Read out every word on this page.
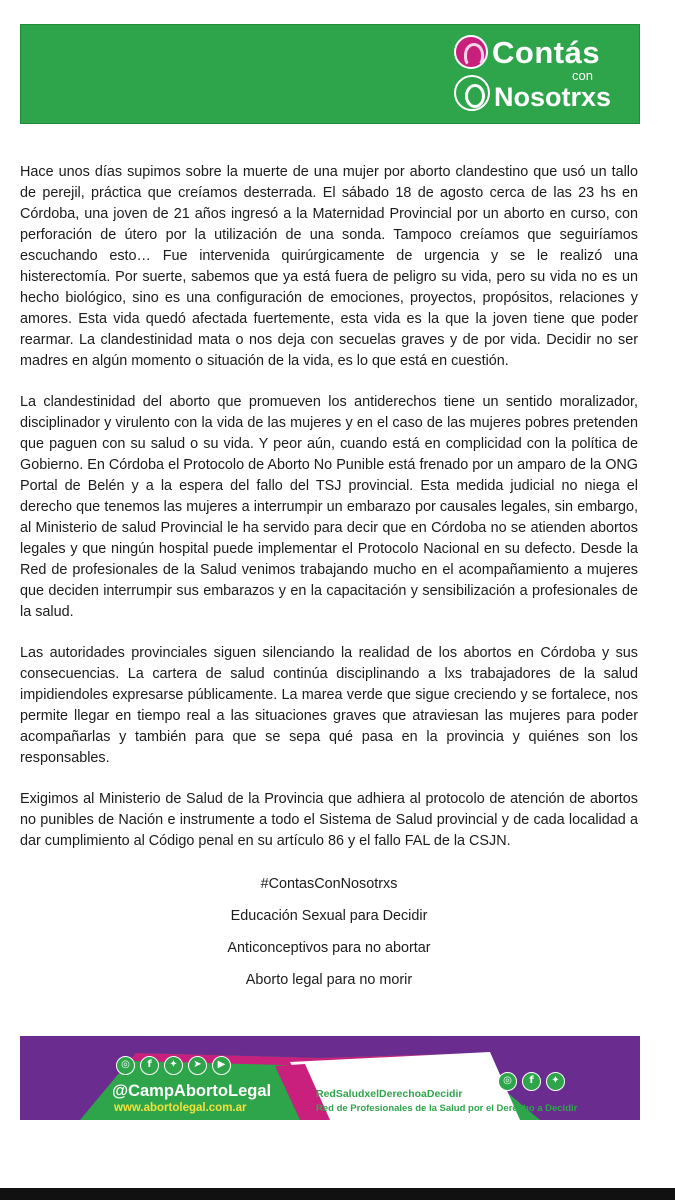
Contás
con
Nosotrxs

Hace unos días supimos sobre la muerte de una mujer por aborto clandestino que usó un tallo de perejil, práctica que creíamos desterrada. El sábado 18 de agosto cerca de las 23 hs en Córdoba, una joven de 21 años ingresó a la Maternidad Provincial por un aborto en curso, con perforación de útero por la utilización de una sonda. Tampoco creíamos que seguiríamos escuchando esto… Fue intervenida quirúrgicamente de urgencia y se le realizó una histerectomía. Por suerte, sabemos que ya está fuera de peligro su vida, pero su vida no es un hecho biológico, sino es una configuración de emociones, proyectos, propósitos, relaciones y amores. Esta vida quedó afectada fuertemente, esta vida es la que la joven tiene que poder rearmar. La clandestinidad mata o nos deja con secuelas graves y de por vida. Decidir no ser madres en algún momento o situación de la vida, es lo que está en cuestión.

La clandestinidad del aborto que promueven los antiderechos tiene un sentido moralizador, disciplinador y virulento con la vida de las mujeres y en el caso de las mujeres pobres pretenden que paguen con su salud o su vida. Y peor aún, cuando está en complicidad con la política de Gobierno. En Córdoba el Protocolo de Aborto No Punible está frenado por un amparo de la ONG Portal de Belén y a la espera del fallo del TSJ provincial. Esta medida judicial no niega el derecho que tenemos las mujeres a interrumpir un embarazo por causales legales, sin embargo, al Ministerio de salud Provincial le ha servido para decir que en Córdoba no se atienden abortos legales y que ningún hospital puede implementar el Protocolo Nacional en su defecto. Desde la Red de profesionales de la Salud venimos trabajando mucho en el acompañamiento a mujeres que deciden interrumpir sus embarazos y en la capacitación y sensibilización a profesionales de la salud.

Las autoridades provinciales siguen silenciando la realidad de los abortos en Córdoba y sus consecuencias. La cartera de salud continúa disciplinando a lxs trabajadores de la salud impidiendoles expresarse públicamente. La marea verde que sigue creciendo y se fortalece, nos permite llegar en tiempo real a las situaciones graves que atraviesan las mujeres para poder acompañarlas y también para que se sepa qué pasa en la provincia y quiénes son los responsables.

Exigimos al Ministerio de Salud de la Provincia que adhiera al protocolo de atención de abortos no punibles de Nación e instrumente a todo el Sistema de Salud provincial y de cada localidad a dar cumplimiento al Código penal en su artículo 86 y el fallo FAL de la CSJN.

#ContasConNosotrxs

Educación Sexual para Decidir

Anticonceptivos para no abortar

Aborto legal para no morir

◎	f	✦	➤	▶
@CampAbortoLegal
www.abortolegal.com.ar
@RedSaludDecidir	◎	f	✦
RedSaludxelDerechoaDecidir
Red de Profesionales de la Salud por el Derecho a Decidir
